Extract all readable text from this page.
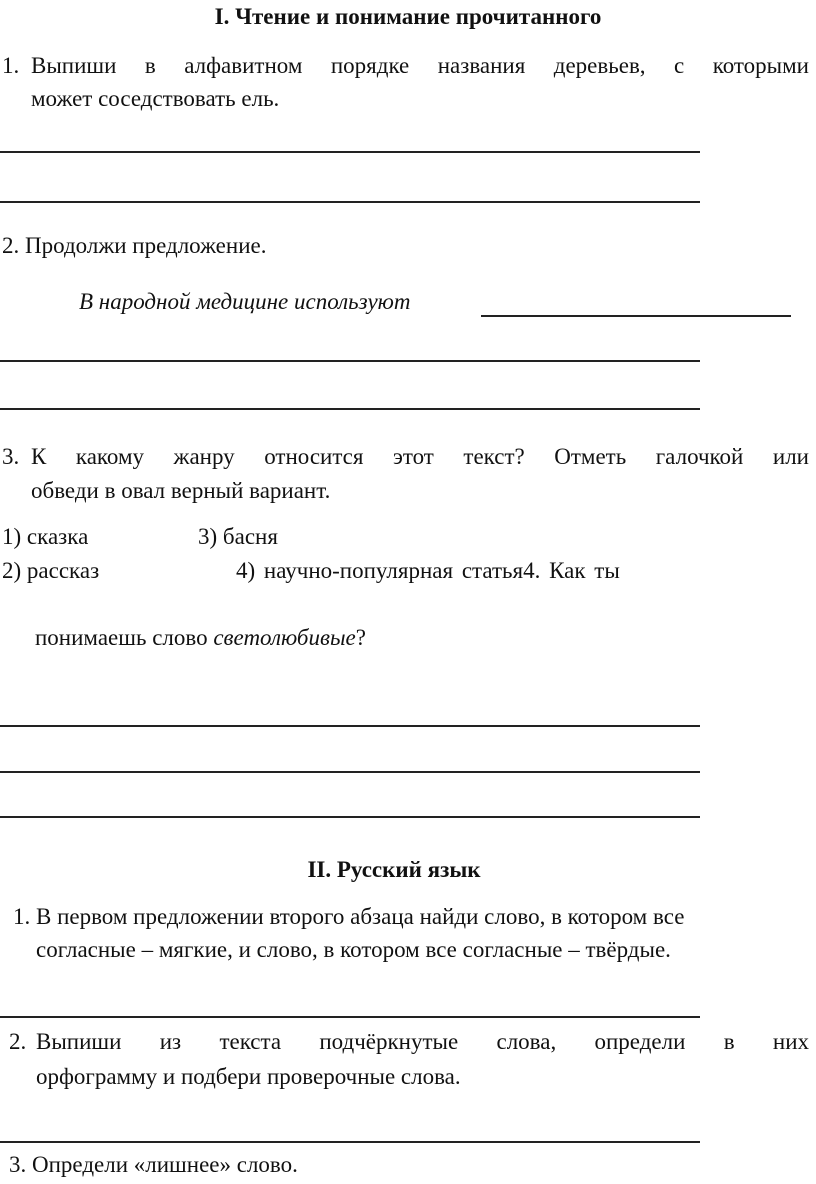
I. Чтение и понимание прочитанного
1. Выпиши в алфавитном порядке названия деревьев, с которыми
может соседствовать ель.
2. Продолжи предложение.
В народной медицине используют
3. К какому жанру относится этот текст? Отметь галочкой или
обведи в овал верный вариант.
1) сказка	3) басня
2) рассказ	4) научно-популярная статья4. Как ты
понимаешь слово светолюбивые?
II. Русский язык
1. В первом предложении второго абзаца найди слово, в котором все
согласные – мягкие, и слово, в котором все согласные – твёрдые.
2. Выпиши из текста подчёркнутые слова, определи в них
орфограмму и подбери проверочные слова.
3. Определи «лишнее» слово.
